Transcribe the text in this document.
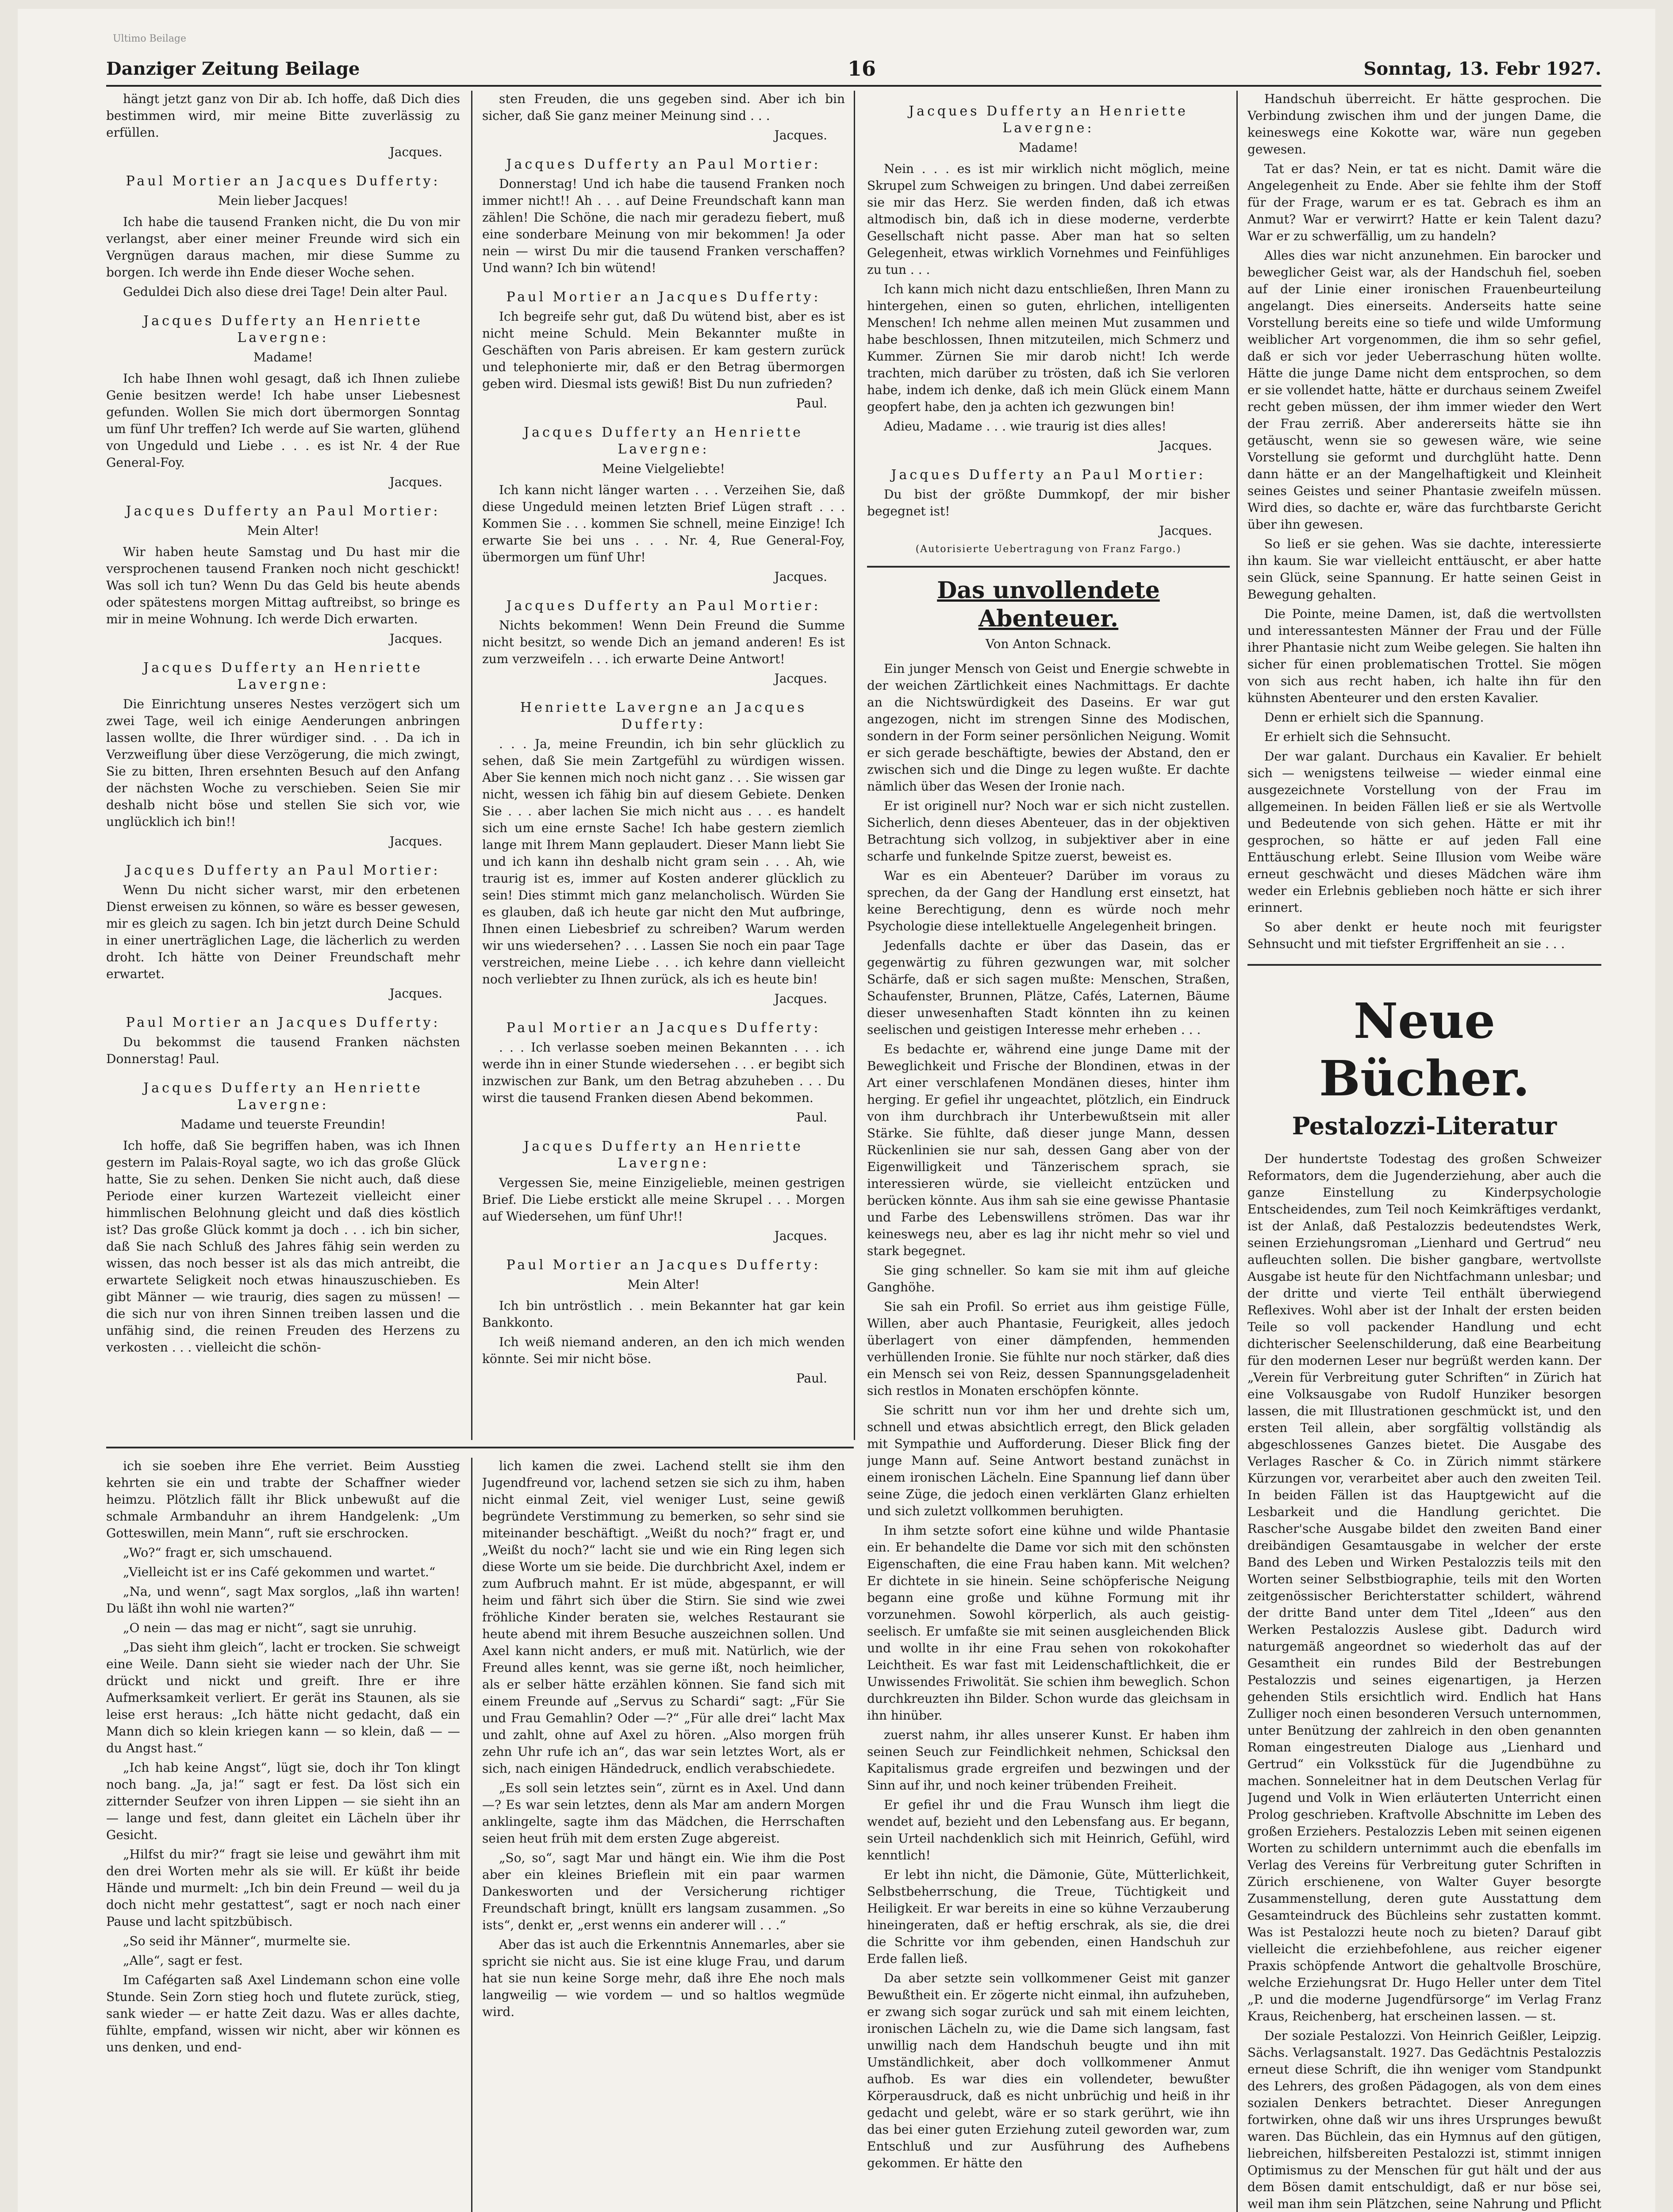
Ultimo Beilage
Danziger Zeitung Beilage	16	Sonntag, 13. Febr 1927.

hängt jetzt ganz von Dir ab. Ich hoffe, daß Dich dies bestimmen wird, mir meine Bitte zuverlässig zu erfüllen.

Jacques.

Paul Mortier an Jacques Dufferty:
Mein lieber Jacques!

Ich habe die tausend Franken nicht, die Du von mir verlangst, aber einer meiner Freunde wird sich ein Vergnügen daraus machen, mir diese Summe zu borgen. Ich werde ihn Ende dieser Woche sehen.

Geduldei Dich also diese drei Tage! Dein alter Paul.

Jacques Dufferty an Henriette Lavergne:
Madame!

Ich habe Ihnen wohl gesagt, daß ich Ihnen zuliebe Genie besitzen werde! Ich habe unser Liebesnest gefunden. Wollen Sie mich dort übermorgen Sonntag um fünf Uhr treffen? Ich werde auf Sie warten, glühend von Ungeduld und Liebe . . . es ist Nr. 4 der Rue General-Foy.

Jacques.

Jacques Dufferty an Paul Mortier:
Mein Alter!

Wir haben heute Samstag und Du hast mir die versprochenen tausend Franken noch nicht geschickt! Was soll ich tun? Wenn Du das Geld bis heute abends oder spätestens morgen Mittag auftreibst, so bringe es mir in meine Wohnung. Ich werde Dich erwarten.

Jacques.

Jacques Dufferty an Henriette Lavergne:

Die Einrichtung unseres Nestes verzögert sich um zwei Tage, weil ich einige Aenderungen anbringen lassen wollte, die Ihrer würdiger sind. . . Da ich in Verzweiflung über diese Verzögerung, die mich zwingt, Sie zu bitten, Ihren ersehnten Besuch auf den Anfang der nächsten Woche zu verschieben. Seien Sie mir deshalb nicht böse und stellen Sie sich vor, wie unglücklich ich bin!!

Jacques.

Jacques Dufferty an Paul Mortier:

Wenn Du nicht sicher warst, mir den erbetenen Dienst erweisen zu können, so wäre es besser gewesen, mir es gleich zu sagen. Ich bin jetzt durch Deine Schuld in einer unerträglichen Lage, die lächerlich zu werden droht. Ich hätte von Deiner Freundschaft mehr erwartet.

Jacques.

Paul Mortier an Jacques Dufferty:

Du bekommst die tausend Franken nächsten Donnerstag! Paul.

Jacques Dufferty an Henriette Lavergne:
Madame und teuerste Freundin!

Ich hoffe, daß Sie begriffen haben, was ich Ihnen gestern im Palais-Royal sagte, wo ich das große Glück hatte, Sie zu sehen. Denken Sie nicht auch, daß diese Periode einer kurzen Wartezeit vielleicht einer himmlischen Belohnung gleicht und daß dies köstlich ist? Das große Glück kommt ja doch . . . ich bin sicher, daß Sie nach Schluß des Jahres fähig sein werden zu wissen, das noch besser ist als das mich antreibt, die erwartete Seligkeit noch etwas hinauszuschieben. Es gibt Männer — wie traurig, dies sagen zu müssen! — die sich nur von ihren Sinnen treiben lassen und die unfähig sind, die reinen Freuden des Herzens zu verkosten . . . vielleicht die schön-

sten Freuden, die uns gegeben sind. Aber ich bin sicher, daß Sie ganz meiner Meinung sind . . .

Jacques.

Jacques Dufferty an Paul Mortier:

Donnerstag! Und ich habe die tausend Franken noch immer nicht!! Ah . . . auf Deine Freundschaft kann man zählen! Die Schöne, die nach mir geradezu fiebert, muß eine sonderbare Meinung von mir bekommen! Ja oder nein — wirst Du mir die tausend Franken verschaffen? Und wann? Ich bin wütend!

Paul Mortier an Jacques Dufferty:

Ich begreife sehr gut, daß Du wütend bist, aber es ist nicht meine Schuld. Mein Bekannter mußte in Geschäften von Paris abreisen. Er kam gestern zurück und telephonierte mir, daß er den Betrag übermorgen geben wird. Diesmal ists gewiß! Bist Du nun zufrieden?

Paul.

Jacques Dufferty an Henriette Lavergne:
Meine Vielgeliebte!

Ich kann nicht länger warten . . . Verzeihen Sie, daß diese Ungeduld meinen letzten Brief Lügen straft . . . Kommen Sie . . . kommen Sie schnell, meine Einzige! Ich erwarte Sie bei uns . . . Nr. 4, Rue General-Foy, übermorgen um fünf Uhr!

Jacques.

Jacques Dufferty an Paul Mortier:

Nichts bekommen! Wenn Dein Freund die Summe nicht besitzt, so wende Dich an jemand anderen! Es ist zum verzweifeln . . . ich erwarte Deine Antwort!

Jacques.

Henriette Lavergne an Jacques Dufferty:

. . . Ja, meine Freundin, ich bin sehr glücklich zu sehen, daß Sie mein Zartgefühl zu würdigen wissen. Aber Sie kennen mich noch nicht ganz . . . Sie wissen gar nicht, wessen ich fähig bin auf diesem Gebiete. Denken Sie . . . aber lachen Sie mich nicht aus . . . es handelt sich um eine ernste Sache! Ich habe gestern ziemlich lange mit Ihrem Mann geplaudert. Dieser Mann liebt Sie und ich kann ihn deshalb nicht gram sein . . . Ah, wie traurig ist es, immer auf Kosten anderer glücklich zu sein! Dies stimmt mich ganz melancholisch. Würden Sie es glauben, daß ich heute gar nicht den Mut aufbringe, Ihnen einen Liebesbrief zu schreiben? Warum werden wir uns wiedersehen? . . . Lassen Sie noch ein paar Tage verstreichen, meine Liebe . . . ich kehre dann vielleicht noch verliebter zu Ihnen zurück, als ich es heute bin!

Jacques.

Paul Mortier an Jacques Dufferty:

. . . Ich verlasse soeben meinen Bekannten . . . ich werde ihn in einer Stunde wiedersehen . . . er begibt sich inzwischen zur Bank, um den Betrag abzuheben . . . Du wirst die tausend Franken diesen Abend bekommen.

Paul.

Jacques Dufferty an Henriette Lavergne:

Vergessen Sie, meine Einzigelieble, meinen gestrigen Brief. Die Liebe erstickt alle meine Skrupel . . . Morgen auf Wiedersehen, um fünf Uhr!!

Jacques.

Paul Mortier an Jacques Dufferty:
Mein Alter!

Ich bin untröstlich . . mein Bekannter hat gar kein Bankkonto.

Ich weiß niemand anderen, an den ich mich wenden könnte. Sei mir nicht böse.

Paul.

Jacques Dufferty an Henriette Lavergne:
Madame!

Nein . . . es ist mir wirklich nicht möglich, meine Skrupel zum Schweigen zu bringen. Und dabei zerreißen sie mir das Herz. Sie werden finden, daß ich etwas altmodisch bin, daß ich in diese moderne, verderbte Gesellschaft nicht passe. Aber man hat so selten Gelegenheit, etwas wirklich Vornehmes und Feinfühliges zu tun . . .

Ich kann mich nicht dazu entschließen, Ihren Mann zu hintergehen, einen so guten, ehrlichen, intelligenten Menschen! Ich nehme allen meinen Mut zusammen und habe beschlossen, Ihnen mitzuteilen, mich Schmerz und Kummer. Zürnen Sie mir darob nicht! Ich werde trachten, mich darüber zu trösten, daß ich Sie verloren habe, indem ich denke, daß ich mein Glück einem Mann geopfert habe, den ja achten ich gezwungen bin!

Adieu, Madame . . . wie traurig ist dies alles!

Jacques.

Jacques Dufferty an Paul Mortier:

Du bist der größte Dummkopf, der mir bisher begegnet ist!

Jacques.

(Autorisierte Uebertragung von Franz Fargo.)

Das unvollendete Abenteuer.
Von Anton Schnack.

Ein junger Mensch von Geist und Energie schwebte in der weichen Zärtlichkeit eines Nachmittags. Er dachte an die Nichtswürdigkeit des Daseins. Er war gut angezogen, nicht im strengen Sinne des Modischen, sondern in der Form seiner persönlichen Neigung. Womit er sich gerade beschäftigte, bewies der Abstand, den er zwischen sich und die Dinge zu legen wußte. Er dachte nämlich über das Wesen der Ironie nach.

Er ist originell nur? Noch war er sich nicht zustellen. Sicherlich, denn dieses Abenteuer, das in der objektiven Betrachtung sich vollzog, in subjektiver aber in eine scharfe und funkelnde Spitze zuerst, beweist es.

War es ein Abenteuer? Darüber im voraus zu sprechen, da der Gang der Handlung erst einsetzt, hat keine Berechtigung, denn es würde noch mehr Psychologie diese intellektuelle Angelegenheit bringen.

Jedenfalls dachte er über das Dasein, das er gegenwärtig zu führen gezwungen war, mit solcher Schärfe, daß er sich sagen mußte: Menschen, Straßen, Schaufenster, Brunnen, Plätze, Cafés, Laternen, Bäume dieser unwesenhaften Stadt könnten ihn zu keinen seelischen und geistigen Interesse mehr erheben . . .

Es bedachte er, während eine junge Dame mit der Beweglichkeit und Frische der Blondinen, etwas in der Art einer verschlafenen Mondänen dieses, hinter ihm herging. Er gefiel ihr ungeachtet, plötzlich, ein Eindruck von ihm durchbrach ihr Unterbewußtsein mit aller Stärke. Sie fühlte, daß dieser junge Mann, dessen Rückenlinien sie nur sah, dessen Gang aber von der Eigenwilligkeit und Tänzerischem sprach, sie interessieren würde, sie vielleicht entzücken und berücken könnte. Aus ihm sah sie eine gewisse Phantasie und Farbe des Lebenswillens strömen. Das war ihr keineswegs neu, aber es lag ihr nicht mehr so viel und stark begegnet.

Sie ging schneller. So kam sie mit ihm auf gleiche Ganghöhe.

Sie sah ein Profil. So erriet aus ihm geistige Fülle, Willen, aber auch Phantasie, Feurigkeit, alles jedoch überlagert von einer dämpfenden, hemmenden verhüllenden Ironie. Sie fühlte nur noch stärker, daß dies ein Mensch sei von Reiz, dessen Spannungsgeladenheit sich restlos in Monaten erschöpfen könnte.

Sie schritt nun vor ihm her und drehte sich um, schnell und etwas absichtlich erregt, den Blick geladen mit Sympathie und Aufforderung. Dieser Blick fing der junge Mann auf. Seine Antwort bestand zunächst in einem ironischen Lächeln. Eine Spannung lief dann über seine Züge, die jedoch einen verklärten Glanz erhielten und sich zuletzt vollkommen beruhigten.

In ihm setzte sofort eine kühne und wilde Phantasie ein. Er behandelte die Dame vor sich mit den schönsten Eigenschaften, die eine Frau haben kann. Mit welchen? Er dichtete in sie hinein. Seine schöpferische Neigung begann eine große und kühne Formung mit ihr vorzunehmen. Sowohl körperlich, als auch geistig-seelisch. Er umfaßte sie mit seinen ausgleichenden Blick und wollte in ihr eine Frau sehen von rokokohafter Leichtheit. Es war fast mit Leidenschaftlichkeit, die er Unwissendes Friwolität. Sie schien ihm beweglich. Schon durchkreuzten ihn Bilder. Schon wurde das gleichsam in ihn hinüber.

zuerst nahm, ihr alles unserer Kunst. Er haben ihm seinen Seuch zur Feindlichkeit nehmen, Schicksal den Kapitalismus grade ergreifen und bezwingen und der Sinn auf ihr, und noch keiner trübenden Freiheit.

Er gefiel ihr und die Frau Wunsch ihm liegt die wendet auf, bezieht und den Lebensfang aus. Er begann, sein Urteil nachdenklich sich mit Heinrich, Gefühl, wird kenntlich!

Er lebt ihn nicht, die Dämonie, Güte, Mütterlichkeit, Selbstbeherrschung, die Treue, Tüchtigkeit und Heiligkeit. Er war bereits in eine so kühne Verzauberung hineingeraten, daß er heftig erschrak, als sie, die drei die Schritte vor ihm gebenden, einen Handschuh zur Erde fallen ließ.

Da aber setzte sein vollkommener Geist mit ganzer Bewußtheit ein. Er zögerte nicht einmal, ihn aufzuheben, er zwang sich sogar zurück und sah mit einem leichten, ironischen Lächeln zu, wie die Dame sich langsam, fast unwillig nach dem Handschuh beugte und ihn mit Umständlichkeit, aber doch vollkommener Anmut aufhob. Es war dies ein vollendeter, bewußter Körperausdruck, daß es nicht unbrüchig und heiß in ihr gedacht und gelebt, wäre er so stark gerührt, wie ihn das bei einer guten Erziehung zuteil geworden war, zum Entschluß und zur Ausführung des Aufhebens gekommen. Er hätte den

Handschuh überreicht. Er hätte gesprochen. Die Verbindung zwischen ihm und der jungen Dame, die keineswegs eine Kokotte war, wäre nun gegeben gewesen.

Tat er das? Nein, er tat es nicht. Damit wäre die Angelegenheit zu Ende. Aber sie fehlte ihm der Stoff für der Frage, warum er es tat. Gebrach es ihm an Anmut? War er verwirrt? Hatte er kein Talent dazu? War er zu schwerfällig, um zu handeln?

Alles dies war nicht anzunehmen. Ein barocker und beweglicher Geist war, als der Handschuh fiel, soeben auf der Linie einer ironischen Frauenbeurteilung angelangt. Dies einerseits. Anderseits hatte seine Vorstellung bereits eine so tiefe und wilde Umformung weiblicher Art vorgenommen, die ihm so sehr gefiel, daß er sich vor jeder Ueberraschung hüten wollte. Hätte die junge Dame nicht dem entsprochen, so dem er sie vollendet hatte, hätte er durchaus seinem Zweifel recht geben müssen, der ihm immer wieder den Wert der Frau zerriß. Aber andererseits hätte sie ihn getäuscht, wenn sie so gewesen wäre, wie seine Vorstellung sie geformt und durchglüht hatte. Denn dann hätte er an der Mangelhaftigkeit und Kleinheit seines Geistes und seiner Phantasie zweifeln müssen. Wird dies, so dachte er, wäre das furchtbarste Gericht über ihn gewesen.

So ließ er sie gehen. Was sie dachte, interessierte ihn kaum. Sie war vielleicht enttäuscht, er aber hatte sein Glück, seine Spannung. Er hatte seinen Geist in Bewegung gehalten.

Die Pointe, meine Damen, ist, daß die wertvollsten und interessantesten Männer der Frau und der Fülle ihrer Phantasie nicht zum Weibe gelegen. Sie halten ihn sicher für einen problematischen Trottel. Sie mögen von sich aus recht haben, ich halte ihn für den kühnsten Abenteurer und den ersten Kavalier.

Denn er erhielt sich die Spannung.

Er erhielt sich die Sehnsucht.

Der war galant. Durchaus ein Kavalier. Er behielt sich — wenigstens teilweise — wieder einmal eine ausgezeichnete Vorstellung von der Frau im allgemeinen. In beiden Fällen ließ er sie als Wertvolle und Bedeutende von sich gehen. Hätte er mit ihr gesprochen, so hätte er auf jeden Fall eine Enttäuschung erlebt. Seine Illusion vom Weibe wäre erneut geschwächt und dieses Mädchen wäre ihm weder ein Erlebnis geblieben noch hätte er sich ihrer erinnert.

So aber denkt er heute noch mit feurigster Sehnsucht und mit tiefster Ergriffenheit an sie . . .

Neue Bücher.
Pestalozzi-Literatur

Der hundertste Todestag des großen Schweizer Reformators, dem die Jugenderziehung, aber auch die ganze Einstellung zu Kinderpsychologie Entscheidendes, zum Teil noch Keimkräftiges verdankt, ist der Anlaß, daß Pestalozzis bedeutendstes Werk, seinen Erziehungsroman „Lienhard und Gertrud“ neu aufleuchten sollen. Die bisher gangbare, wertvollste Ausgabe ist heute für den Nichtfachmann unlesbar; und der dritte und vierte Teil enthält überwiegend Reflexives. Wohl aber ist der Inhalt der ersten beiden Teile so voll packender Handlung und echt dichterischer Seelenschilderung, daß eine Bearbeitung für den modernen Leser nur begrüßt werden kann. Der „Verein für Verbreitung guter Schriften“ in Zürich hat eine Volksausgabe von Rudolf Hunziker besorgen lassen, die mit Illustrationen geschmückt ist, und den ersten Teil allein, aber sorgfältig vollständig als abgeschlossenes Ganzes bietet. Die Ausgabe des Verlages Rascher & Co. in Zürich nimmt stärkere Kürzungen vor, verarbeitet aber auch den zweiten Teil. In beiden Fällen ist das Hauptgewicht auf die Lesbarkeit und die Handlung gerichtet. Die Rascher'sche Ausgabe bildet den zweiten Band einer dreibändigen Gesamtausgabe in welcher der erste Band des Leben und Wirken Pestalozzis teils mit den Worten seiner Selbstbiographie, teils mit den Worten zeitgenössischer Berichterstatter schildert, während der dritte Band unter dem Titel „Ideen“ aus den Werken Pestalozzis Auslese gibt. Dadurch wird naturgemäß angeordnet so wiederholt das auf der Gesamtheit ein rundes Bild der Bestrebungen Pestalozzis und seines eigenartigen, ja Herzen gehenden Stils ersichtlich wird. Endlich hat Hans Zulliger noch einen besonderen Versuch unternommen, unter Benützung der zahlreich in den oben genannten Roman eingestreuten Dialoge aus „Lienhard und Gertrud“ ein Volksstück für die Jugendbühne zu machen. Sonneleitner hat in dem Deutschen Verlag für Jugend und Volk in Wien erläuterten Unterricht einen Prolog geschrieben. Kraftvolle Abschnitte im Leben des großen Erziehers. Pestalozzis Leben mit seinen eigenen Worten zu schildern unternimmt auch die ebenfalls im Verlag des Vereins für Verbreitung guter Schriften in Zürich erschienene, von Walter Guyer besorgte Zusammenstellung, deren gute Ausstattung dem Gesamteindruck des Büchleins sehr zustatten kommt. Was ist Pestalozzi heute noch zu bieten? Darauf gibt vielleicht die erziehbefohlene, aus reicher eigener Praxis schöpfende Antwort die gehaltvolle Broschüre, welche Erziehungsrat Dr. Hugo Heller unter dem Titel „P. und die moderne Jugendfürsorge“ im Verlag Franz Kraus, Reichenberg, hat erscheinen lassen. — st.

Der soziale Pestalozzi. Von Heinrich Geißler, Leipzig. Sächs. Verlagsanstalt. 1927. Das Gedächtnis Pestalozzis erneut diese Schrift, die ihn weniger vom Standpunkt des Lehrers, des großen Pädagogen, als von dem eines sozialen Denkers betrachtet. Dieser Anregungen fortwirken, ohne daß wir uns ihres Ursprunges bewußt waren. Das Büchlein, das ein Hymnus auf den gütigen, liebreichen, hilfsbereiten Pestalozzi ist, stimmt innigen Optimismus zu der Menschen für gut hält und der aus dem Bösen damit entschuldigt, daß er nur böse sei, weil man ihm sein Plätzchen, seine Nahrung und Pflicht

ich sie soeben ihre Ehe verriet. Beim Ausstieg kehrten sie ein und trabte der Schaffner wieder heimzu. Plötzlich fällt ihr Blick unbewußt auf die schmale Armbanduhr an ihrem Handgelenk: „Um Gotteswillen, mein Mann“, ruft sie erschrocken.

„Wo?“ fragt er, sich umschauend.

„Vielleicht ist er ins Café gekommen und wartet.“

„Na, und wenn“, sagt Max sorglos, „laß ihn warten! Du läßt ihn wohl nie warten?“

„O nein — das mag er nicht“, sagt sie unruhig.

„Das sieht ihm gleich“, lacht er trocken. Sie schweigt eine Weile. Dann sieht sie wieder nach der Uhr. Sie drückt und nickt und greift. Ihre er ihre Aufmerksamkeit verliert. Er gerät ins Staunen, als sie leise erst heraus: „Ich hätte nicht gedacht, daß ein Mann dich so klein kriegen kann — so klein, daß — — du Angst hast.“

„Ich hab keine Angst“, lügt sie, doch ihr Ton klingt noch bang. „Ja, ja!“ sagt er fest. Da löst sich ein zitternder Seufzer von ihren Lippen — sie sieht ihn an — lange und fest, dann gleitet ein Lächeln über ihr Gesicht.

„Hilfst du mir?“ fragt sie leise und gewährt ihm mit den drei Worten mehr als sie will. Er küßt ihr beide Hände und murmelt: „Ich bin dein Freund — weil du ja doch nicht mehr gestattest“, sagt er noch nach einer Pause und lacht spitzbübisch.

„So seid ihr Männer“, murmelte sie.

„Alle“, sagt er fest.

Im Cafégarten saß Axel Lindemann schon eine volle Stunde. Sein Zorn stieg hoch und flutete zurück, stieg, sank wieder — er hatte Zeit dazu. Was er alles dachte, fühlte, empfand, wissen wir nicht, aber wir können es uns denken, und end-

lich kamen die zwei. Lachend stellt sie ihm den Jugendfreund vor, lachend setzen sie sich zu ihm, haben nicht einmal Zeit, viel weniger Lust, seine gewiß begründete Verstimmung zu bemerken, so sehr sind sie miteinander beschäftigt. „Weißt du noch?“ fragt er, und „Weißt du noch?“ lacht sie und wie ein Ring legen sich diese Worte um sie beide. Die durchbricht Axel, indem er zum Aufbruch mahnt. Er ist müde, abgespannt, er will heim und fährt sich über die Stirn. Sie sind wie zwei fröhliche Kinder beraten sie, welches Restaurant sie heute abend mit ihrem Besuche auszeichnen sollen. Und Axel kann nicht anders, er muß mit. Natürlich, wie der Freund alles kennt, was sie gerne ißt, noch heimlicher, als er selber hätte erzählen können. Sie fand sich mit einem Freunde auf „Servus zu Schardi“ sagt: „Für Sie und Frau Gemahlin? Oder —?“ „Für alle drei“ lacht Max und zahlt, ohne auf Axel zu hören. „Also morgen früh zehn Uhr rufe ich an“, das war sein letztes Wort, als er sich, nach einigen Händedruck, endlich verabschiedete.

„Es soll sein letztes sein“, zürnt es in Axel. Und dann —? Es war sein letztes, denn als Mar am andern Morgen anklingelte, sagte ihm das Mädchen, die Herrschaften seien heut früh mit dem ersten Zuge abgereist.

„So, so“, sagt Mar und hängt ein. Wie ihm die Post aber ein kleines Brieflein mit ein paar warmen Dankesworten und der Versicherung richtiger Freundschaft bringt, knüllt ers langsam zusammen. „So ists“, denkt er, „erst wenns ein anderer will . . .“

Aber das ist auch die Erkenntnis Annemarles, aber sie spricht sie nicht aus. Sie ist eine kluge Frau, und darum hat sie nun keine Sorge mehr, daß ihre Ehe noch mals langweilig — wie vordem — und so haltlos wegmüde wird.
